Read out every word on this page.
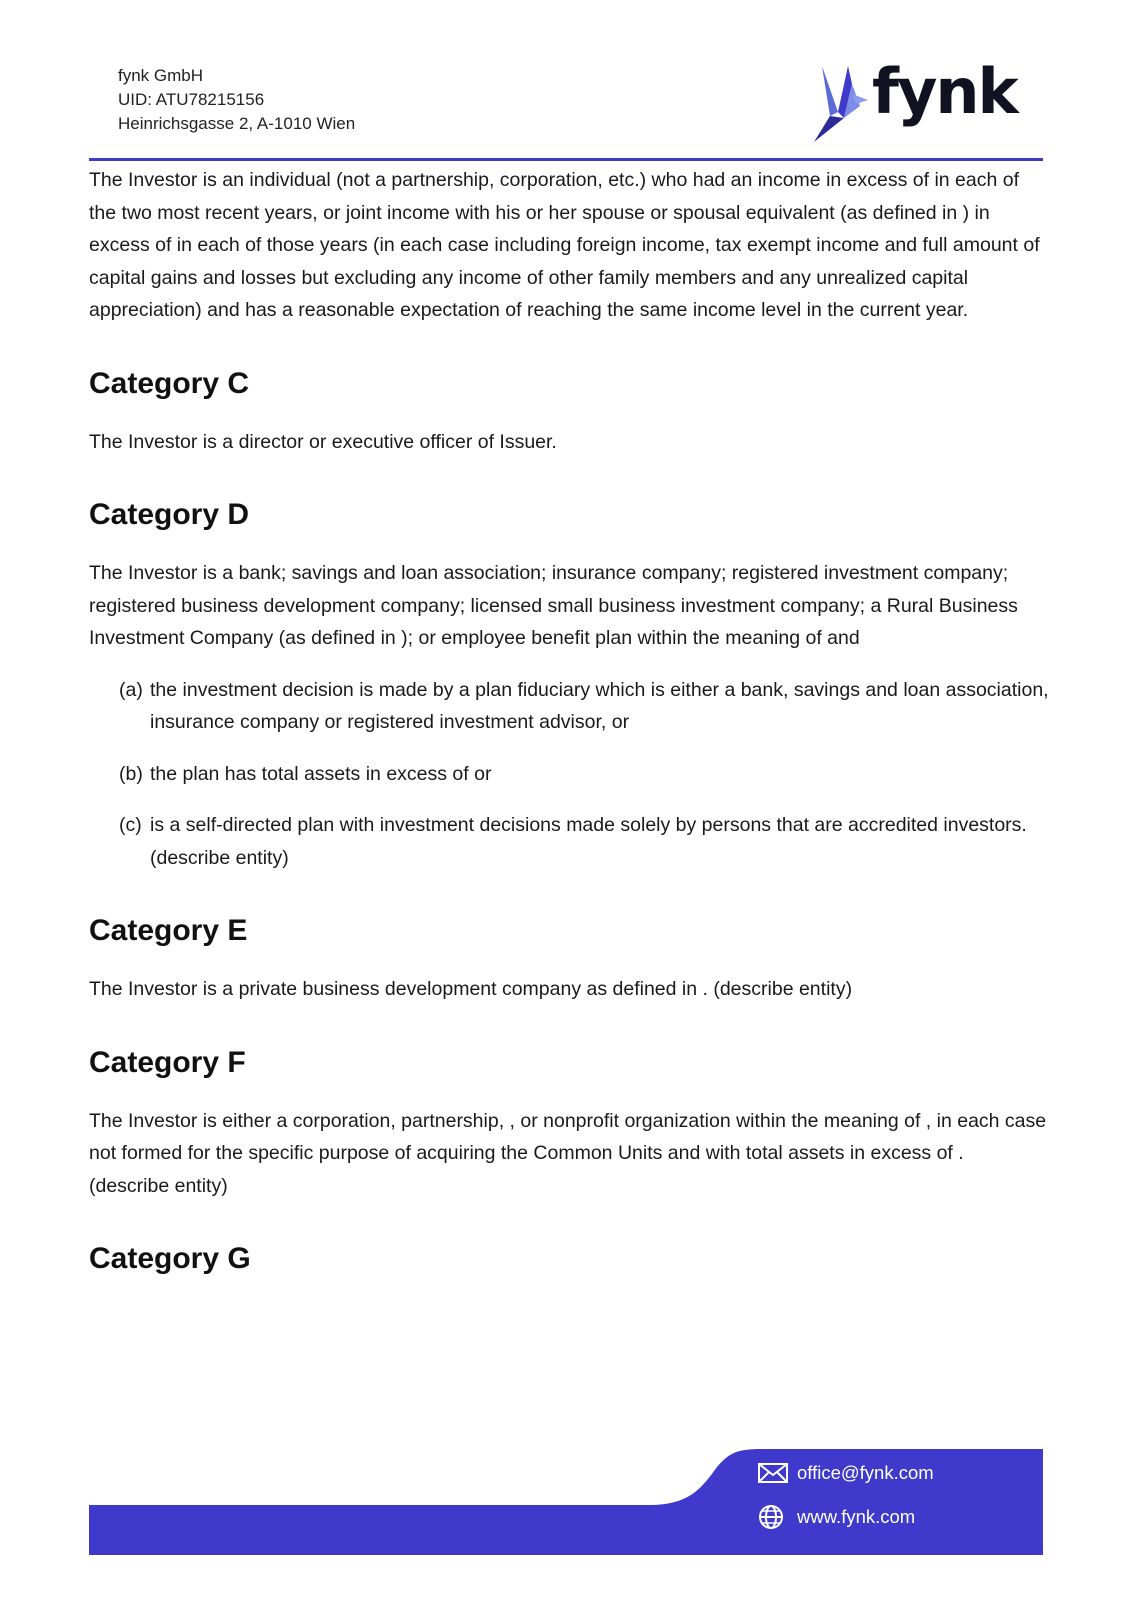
fynk GmbH
UID: ATU78215156
Heinrichsgasse 2, A-1010 Wien	fynk

The Investor is an individual (not a partnership, corporation, etc.) who had an income in excess of in each of the two most recent years, or joint income with his or her spouse or spousal equivalent (as defined in ) in excess of in each of those years (in each case including foreign income, tax exempt income and full amount of capital gains and losses but excluding any income of other family members and any unrealized capital appreciation) and has a reasonable expectation of reaching the same income level in the current year.

Category C

The Investor is a director or executive officer of Issuer.

Category D

The Investor is a bank; savings and loan association; insurance company; registered investment company; registered business development company; licensed small business investment company; a Rural Business Investment Company (as defined in ); or employee benefit plan within the meaning of and

(a) the investment decision is made by a plan fiduciary which is either a bank, savings and loan association, insurance company or registered investment advisor, or

(b) the plan has total assets in excess of or

(c) is a self-directed plan with investment decisions made solely by persons that are accredited investors. (describe entity)

Category E

The Investor is a private business development company as defined in . (describe entity)

Category F

The Investor is either a corporation, partnership, , or nonprofit organization within the meaning of , in each case not formed for the specific purpose of acquiring the Common Units and with total assets in excess of . (describe entity)

Category G
office@fynk.com
www.fynk.com
